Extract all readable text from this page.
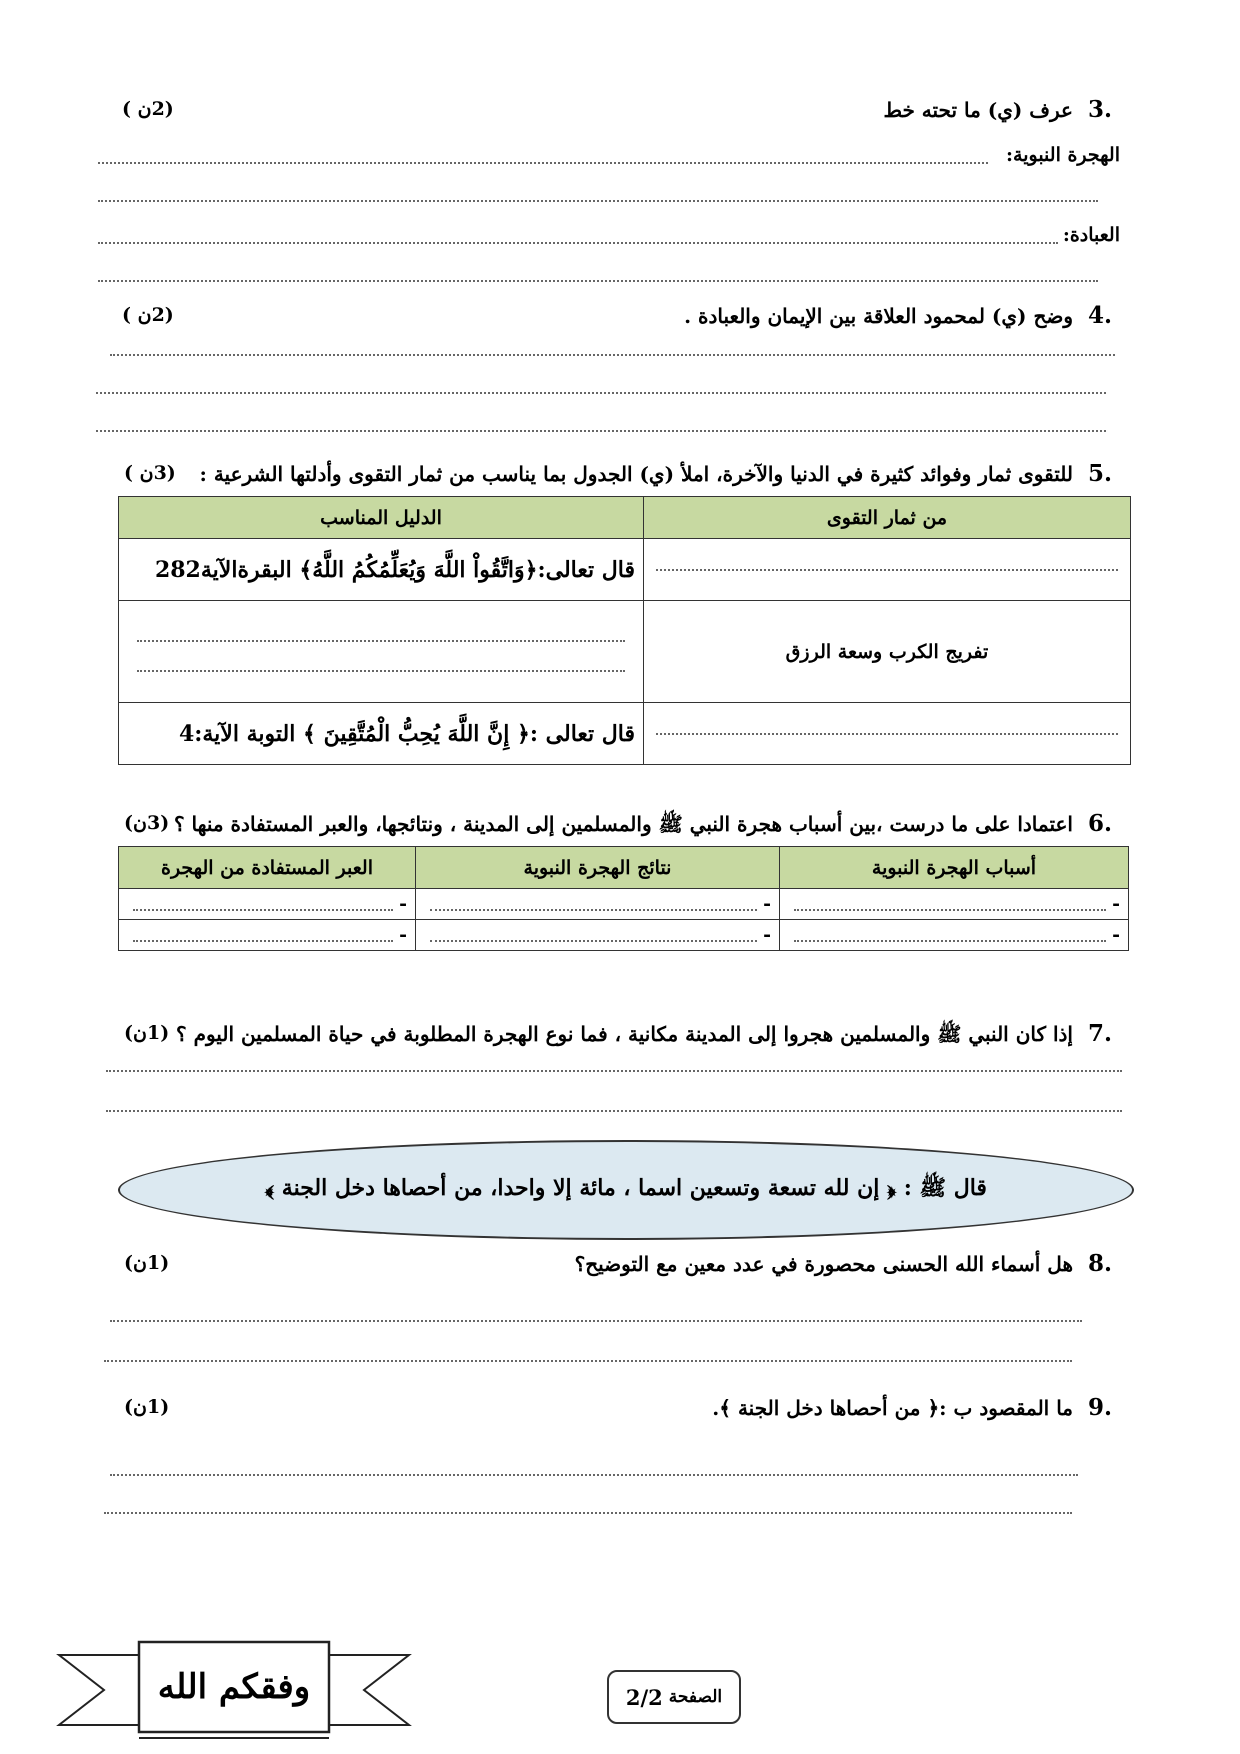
.3 عرف (ي) ما تحته خط
(2ن )
الهجرة النبوية:
العبادة:
.4 وضح (ي) لمحمود العلاقة بين الإيمان والعبادة .
(2ن )
.5 للتقوى ثمار وفوائد كثيرة في الدنيا والآخرة، املأ (ي) الجدول بما يناسب من ثمار التقوى وأدلتها الشرعية :
(3ن )
من ثمار التقوى	الدليل المناسب

	قال تعالى:﴿وَاتَّقُواْ اللَّهَ وَيُعَلِّمُكُمُ اللَّهُ﴾ البقرةالآية282
تفريج الكرب وسعة الرزق	

	قال تعالى :﴿ إِنَّ اللَّهَ يُحِبُّ الْمُتَّقِينَ ﴾ التوبة الآية:4
.6 اعتمادا على ما درست ،بين أسباب هجرة النبي ﷺ والمسلمين إلى المدينة ، ونتائجها، والعبر المستفادة منها ؟
(3ن)
أسباب الهجرة النبوية	نتائج الهجرة النبوية	العبر المستفادة من الهجرة

-	-	-

-	-	-
.7 إذا كان النبي ﷺ والمسلمين هجروا إلى المدينة مكانية ، فما نوع الهجرة المطلوبة في حياة المسلمين اليوم ؟
(1ن)
قال ﷺ : ﴿ إن لله تسعة وتسعين اسما ، مائة إلا واحدا، من أحصاها دخل الجنة ﴾
.8 هل أسماء الله الحسنى محصورة في عدد معين مع التوضيح؟
(1ن)
.9 ما المقصود ب :﴿ من أحصاها دخل الجنة ﴾.
(1ن)
وفقكم الله	الصفحة
2/2
